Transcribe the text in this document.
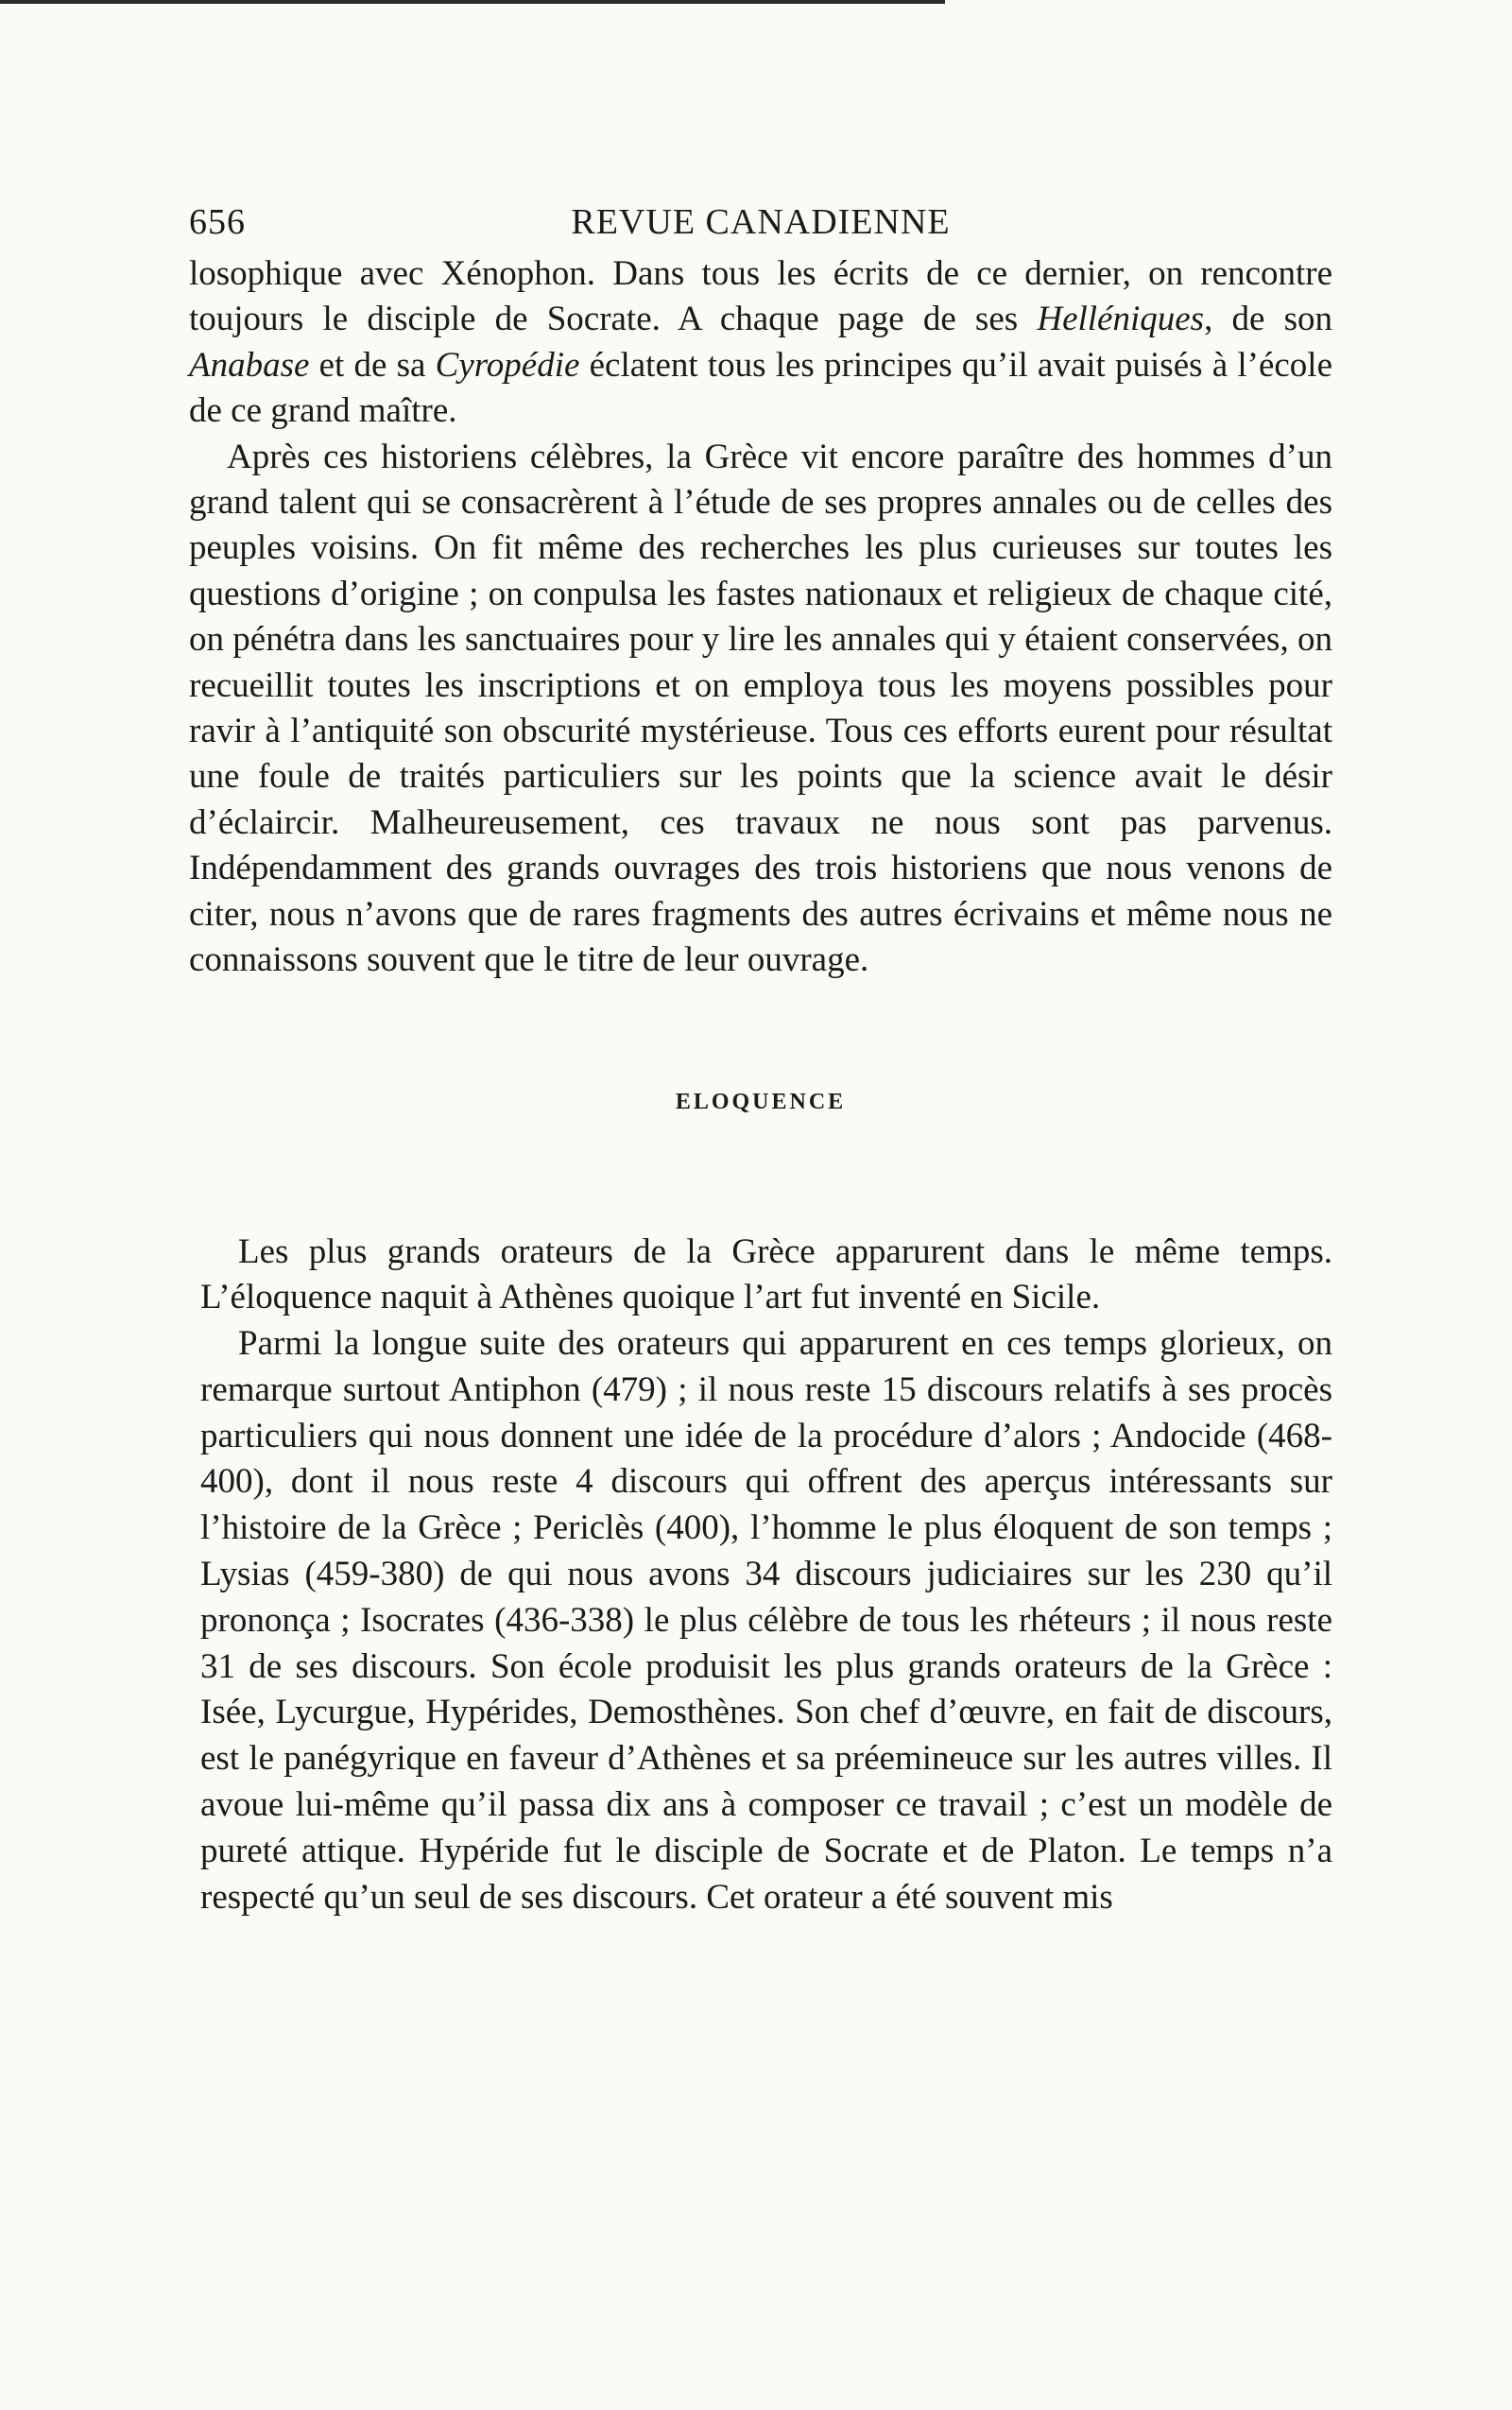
656	REVUE CANADIENNE

losophique avec Xénophon. Dans tous les écrits de ce dernier, on rencontre toujours le disciple de Socrate. A chaque page de ses Helléniques, de son Anabase et de sa Cyropédie éclatent tous les principes qu’il avait puisés à l’école de ce grand maître.

Après ces historiens célèbres, la Grèce vit encore paraître des hommes d’un grand talent qui se consacrèrent à l’étude de ses propres annales ou de celles des peuples voisins. On fit même des recherches les plus curieuses sur toutes les questions d’origine ; on conpulsa les fastes nationaux et religieux de chaque cité, on pénétra dans les sanctuaires pour y lire les annales qui y étaient conservées, on recueillit toutes les inscriptions et on employa tous les moyens possibles pour ravir à l’antiquité son obscurité mystérieuse. Tous ces efforts eurent pour résultat une foule de traités particuliers sur les points que la science avait le désir d’éclaircir. Malheureusement, ces travaux ne nous sont pas parvenus. Indépendamment des grands ouvrages des trois historiens que nous venons de citer, nous n’avons que de rares fragments des autres écrivains et même nous ne connaissons souvent que le titre de leur ouvrage.

ELOQUENCE

Les plus grands orateurs de la Grèce apparurent dans le même temps. L’éloquence naquit à Athènes quoique l’art fut inventé en Sicile.

Parmi la longue suite des orateurs qui apparurent en ces temps glorieux, on remarque surtout Antiphon (479) ; il nous reste 15 discours relatifs à ses procès particuliers qui nous donnent une idée de la procédure d’alors ; Andocide (468-400), dont il nous reste 4 discours qui offrent des aperçus intéressants sur l’histoire de la Grèce ; Periclès (400), l’homme le plus éloquent de son temps ; Lysias (459-380) de qui nous avons 34 discours judiciaires sur les 230 qu’il prononça ; Isocrates (436-338) le plus célèbre de tous les rhéteurs ; il nous reste 31 de ses discours. Son école produisit les plus grands orateurs de la Grèce : Isée, Lycurgue, Hypérides, Demosthènes. Son chef d’œuvre, en fait de discours, est le panégyrique en faveur d’Athènes et sa préemineuce sur les autres villes. Il avoue lui-même qu’il passa dix ans à composer ce travail ; c’est un modèle de pureté attique. Hypéride fut le disciple de Socrate et de Platon. Le temps n’a respecté qu’un seul de ses discours. Cet orateur a été souvent mis
